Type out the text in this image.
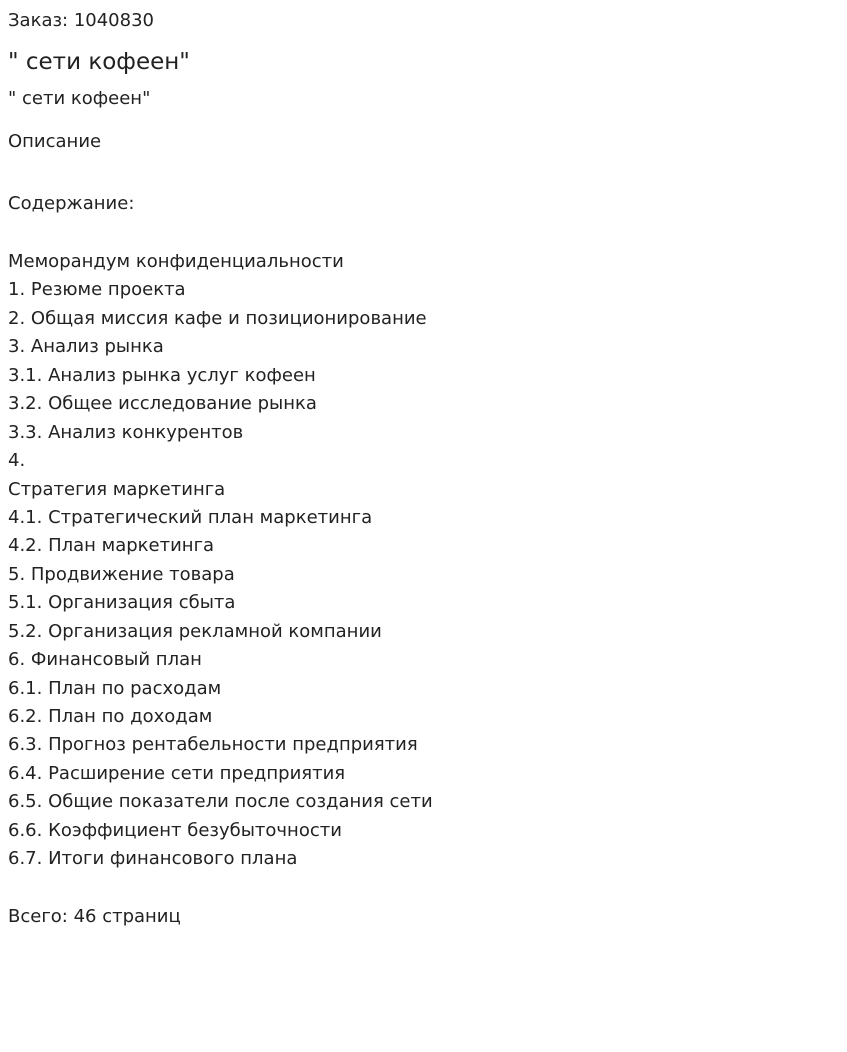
Заказ: 1040830
" сети кофеен"
" сети кофеен"
Описание
Содержание:
Меморандум конфиденциальности
1. Резюме проекта
2. Общая миссия кафе и позиционирование
3. Анализ рынка
3.1. Анализ рынка услуг кофеен
3.2. Общее исследование рынка
3.3. Анализ конкурентов
4.
Стратегия маркетинга
4.1. Стратегический план маркетинга
4.2. План маркетинга
5. Продвижение товара
5.1. Организация сбыта
5.2. Организация рекламной компании
6. Финансовый план
6.1. План по расходам
6.2. План по доходам
6.3. Прогноз рентабельности предприятия
6.4. Расширение сети предприятия
6.5. Общие показатели после создания сети
6.6. Коэффициент безубыточности
6.7. Итоги финансового плана
Всего: 46 страниц
